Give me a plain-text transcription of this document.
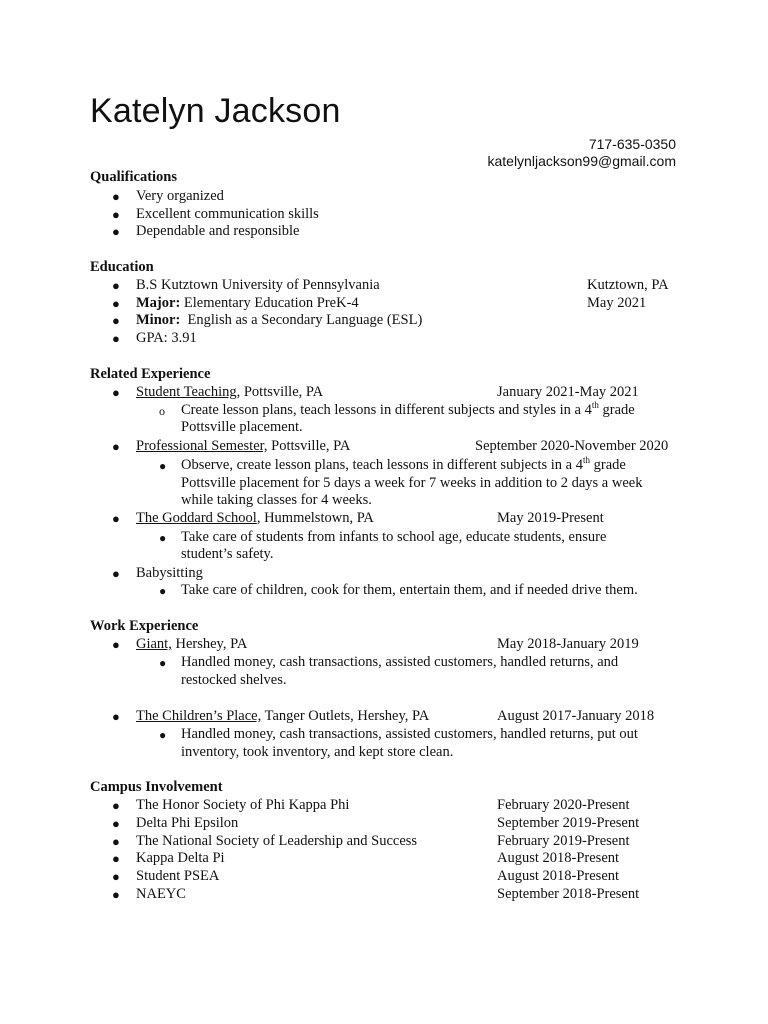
Katelyn Jackson
717-635-0350
katelynljackson99@gmail.com
Qualifications
● Very organized
● Excellent communication skills
● Dependable and responsible
Education
● B.S Kutztown University of Pennsylvania	Kutztown, PA
● Major: Elementary Education PreK-4	May 2021
● Minor:  English as a Secondary Language (ESL)
● GPA: 3.91
Related Experience
● Student Teaching, Pottsville, PA	January 2021-May 2021
o Create lesson plans, teach lessons in different subjects and styles in a 4th grade
Pottsville placement.
● Professional Semester, Pottsville, PA	September 2020-November 2020
● Observe, create lesson plans, teach lessons in different subjects in a 4th grade
Pottsville placement for 5 days a week for 7 weeks in addition to 2 days a week
while taking classes for 4 weeks.
● The Goddard School, Hummelstown, PA	May 2019-Present
● Take care of students from infants to school age, educate students, ensure
student’s safety.
● Babysitting
● Take care of children, cook for them, entertain them, and if needed drive them.
Work Experience
● Giant, Hershey, PA	May 2018-January 2019
● Handled money, cash transactions, assisted customers, handled returns, and
restocked shelves.
● The Children’s Place, Tanger Outlets, Hershey, PA	August 2017-January 2018
● Handled money, cash transactions, assisted customers, handled returns, put out
inventory, took inventory, and kept store clean.
Campus Involvement
● The Honor Society of Phi Kappa Phi	February 2020-Present
● Delta Phi Epsilon	September 2019-Present
● The National Society of Leadership and Success	February 2019-Present
● Kappa Delta Pi	August 2018-Present
● Student PSEA	August 2018-Present
● NAEYC	September 2018-Present
